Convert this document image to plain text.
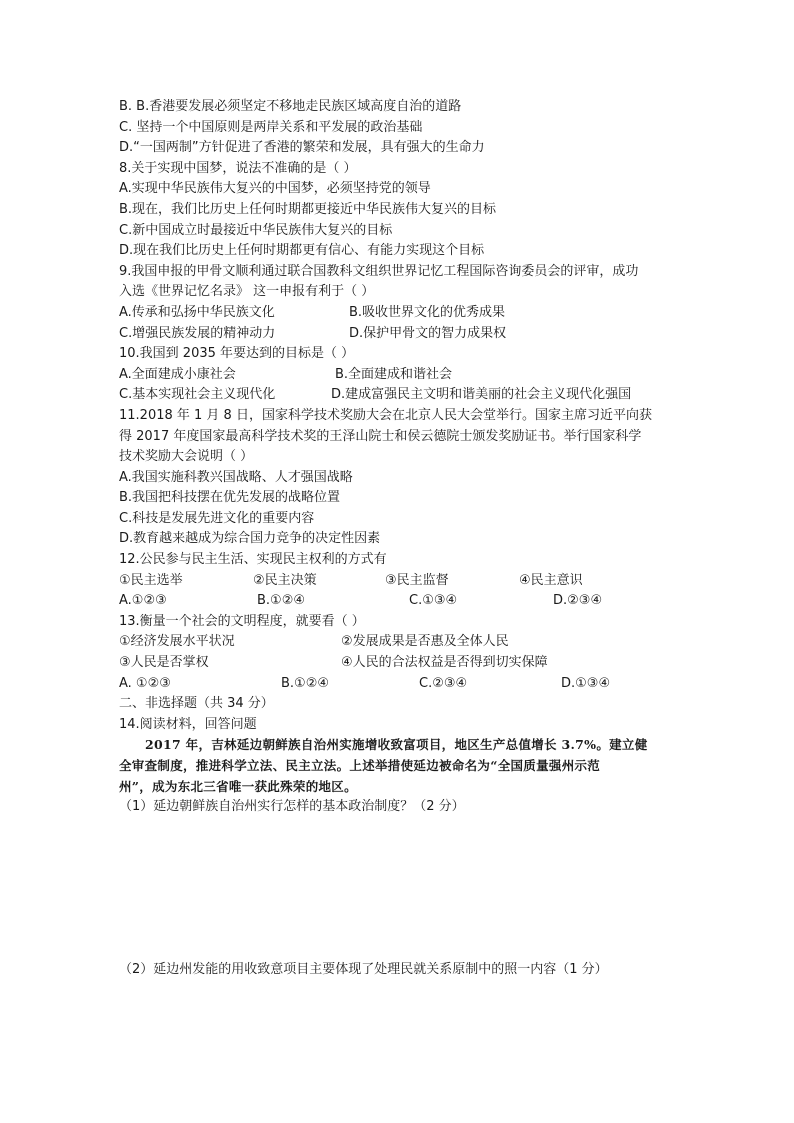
B. B.香港要发展必须坚定不移地走民族区域高度自治的道路
C. 坚持一个中国原则是两岸关系和平发展的政治基础
D.“一国两制”方针促进了香港的繁荣和发展，具有强大的生命力
8.关于实现中国梦，说法不准确的是（ ）
A.实现中华民族伟大复兴的中国梦，必须坚持党的领导
B.现在，我们比历史上任何时期都更接近中华民族伟大复兴的目标
C.新中国成立时最接近中华民族伟大复兴的目标
D.现在我们比历史上任何时期都更有信心、有能力实现这个目标
9.我国申报的甲骨文顺利通过联合国教科文组织世界记忆工程国际咨询委员会的评审，成功
入选《世界记忆名录》 这一申报有利于（ ）
A.传承和弘扬中华民族文化	B.吸收世界文化的优秀成果
C.增强民族发展的精神动力	D.保护甲骨文的智力成果权
10.我国到 2035 年要达到的目标是（ ）
A.全面建成小康社会	B.全面建成和谐社会
C.基本实现社会主义现代化	D.建成富强民主文明和谐美丽的社会主义现代化强国
11.2018 年 1 月 8 日，国家科学技术奖励大会在北京人民大会堂举行。国家主席习近平向获
得 2017 年度国家最高科学技术奖的王泽山院士和侯云德院士颁发奖励证书。举行国家科学
技术奖励大会说明（ ）
A.我国实施科教兴国战略、人才强国战略
B.我国把科技摆在优先发展的战略位置
C.科技是发展先进文化的重要内容
D.教育越来越成为综合国力竞争的决定性因素
12.公民参与民主生活、实现民主权利的方式有
①民主选举	②民主决策	③民主监督	④民主意识
A.①②③	B.①②④	C.①③④	D.②③④
13.衡量一个社会的文明程度，就要看（ ）
①经济发展水平状况	②发展成果是否惠及全体人民
③人民是否掌权	④人民的合法权益是否得到切实保障
A. ①②③	B.①②④	C.②③④	D.①③④
二、非选择题（共 34 分）
14.阅读材料，回答问题
2017 年，吉林延边朝鲜族自治州实施增收致富项目，地区生产总值增长 3.7%。建立健
全审查制度，推进科学立法、民主立法。上述举措使延边被命名为“全国质量强州示范
州”，成为东北三省唯一获此殊荣的地区。
（1）延边朝鲜族自治州实行怎样的基本政治制度？（2 分）
（2）延边州发能的用收致意项目主要体现了处理民就关系原制中的照一内容（1 分）
